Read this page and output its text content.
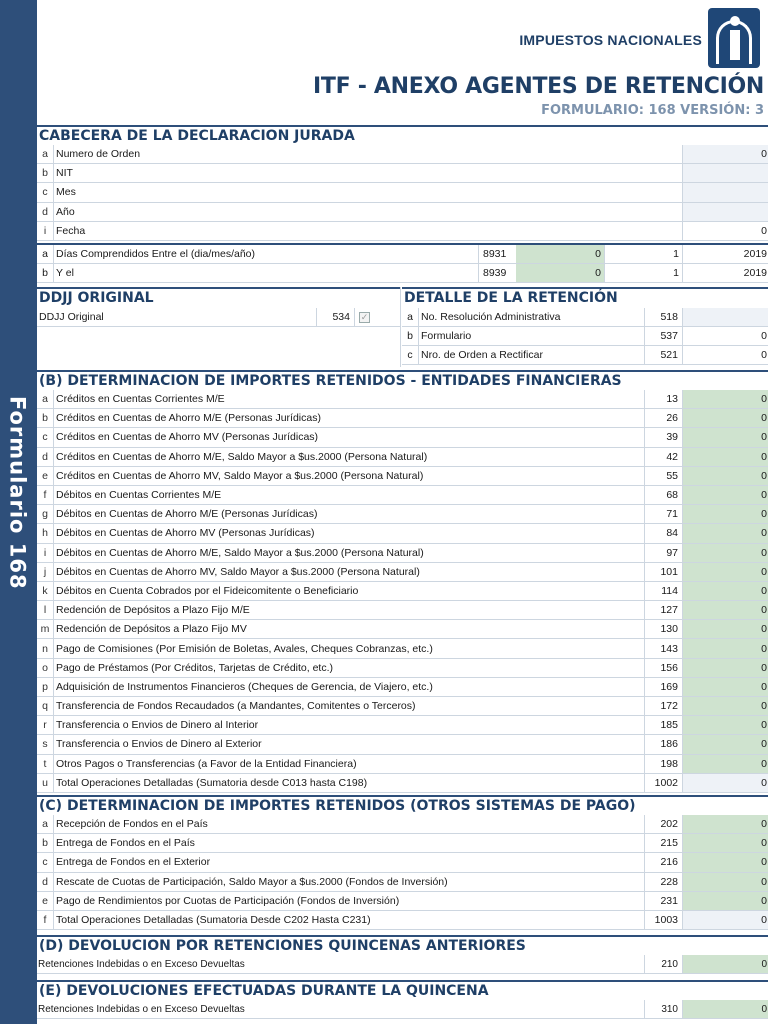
Formulario 168
IMPUESTOS NACIONALES
ITF - ANEXO AGENTES DE RETENCIÓN
FORMULARIO: 168 VERSIÓN: 3
CABECERA DE LA DECLARACION JURADA
a Numero de Orden	0
b NIT
c Mes
d Año
i Fecha	0
a Días Comprendidos Entre el (dia/mes/año)	8931	0	1	2019
b Y el	8939	0	1	2019
DDJJ ORIGINAL
DDJJ Original	534	✓
DETALLE DE LA RETENCIÓN
a No. Resolución Administrativa	518
b Formulario	537	0
c Nro. de Orden a Rectificar	521	0
(B) DETERMINACION DE IMPORTES RETENIDOS - ENTIDADES FINANCIERAS
a Créditos en Cuentas Corrientes M/E	13	0
b Créditos en Cuentas de Ahorro M/E (Personas Jurídicas)	26	0
c Créditos en Cuentas de Ahorro MV (Personas Jurídicas)	39	0
d Créditos en Cuentas de Ahorro M/E, Saldo Mayor a $us.2000 (Persona Natural)	42	0
e Créditos en Cuentas de Ahorro MV, Saldo Mayor a $us.2000 (Persona Natural)	55	0
f Débitos en Cuentas Corrientes M/E	68	0
g Débitos en Cuentas de Ahorro M/E (Personas Jurídicas)	71	0
h Débitos en Cuentas de Ahorro MV (Personas Jurídicas)	84	0
i Débitos en Cuentas de Ahorro M/E, Saldo Mayor a $us.2000 (Persona Natural)	97	0
j Débitos en Cuentas de Ahorro MV, Saldo Mayor a $us.2000 (Persona Natural)	101	0
k Débitos en Cuenta Cobrados por el Fideicomitente o Beneficiario	114	0
l Redención de Depósitos a Plazo Fijo M/E	127	0
m Redención de Depósitos a Plazo Fijo MV	130	0
n Pago de Comisiones (Por Emisión de Boletas, Avales, Cheques Cobranzas, etc.)	143	0
o Pago de Préstamos (Por Créditos, Tarjetas de Crédito, etc.)	156	0
p Adquisición de Instrumentos Financieros (Cheques de Gerencia, de Viajero, etc.)	169	0
q Transferencia de Fondos Recaudados (a Mandantes, Comitentes o Terceros)	172	0
r Transferencia o Envios de Dinero al Interior	185	0
s Transferencia o Envios de Dinero al Exterior	186	0
t Otros Pagos o Transferencias (a Favor de la Entidad Financiera)	198	0
u Total Operaciones Detalladas (Sumatoria desde C013 hasta C198)	1002	0
(C) DETERMINACION DE IMPORTES RETENIDOS (OTROS SISTEMAS DE PAGO)
a Recepción de Fondos en el País	202	0
b Entrega de Fondos en el País	215	0
c Entrega de Fondos en el Exterior	216	0
d Rescate de Cuotas de Participación, Saldo Mayor a $us.2000 (Fondos de Inversión)	228	0
e Pago de Rendimientos por Cuotas de Participación (Fondos de Inversión)	231	0
f Total Operaciones Detalladas (Sumatoria Desde C202 Hasta C231)	1003	0
(D) DEVOLUCION POR RETENCIONES QUINCENAS ANTERIORES
Retenciones Indebidas o en Exceso Devueltas	210	0
(E) DEVOLUCIONES EFECTUADAS DURANTE LA QUINCENA
Retenciones Indebidas o en Exceso Devueltas	310	0
